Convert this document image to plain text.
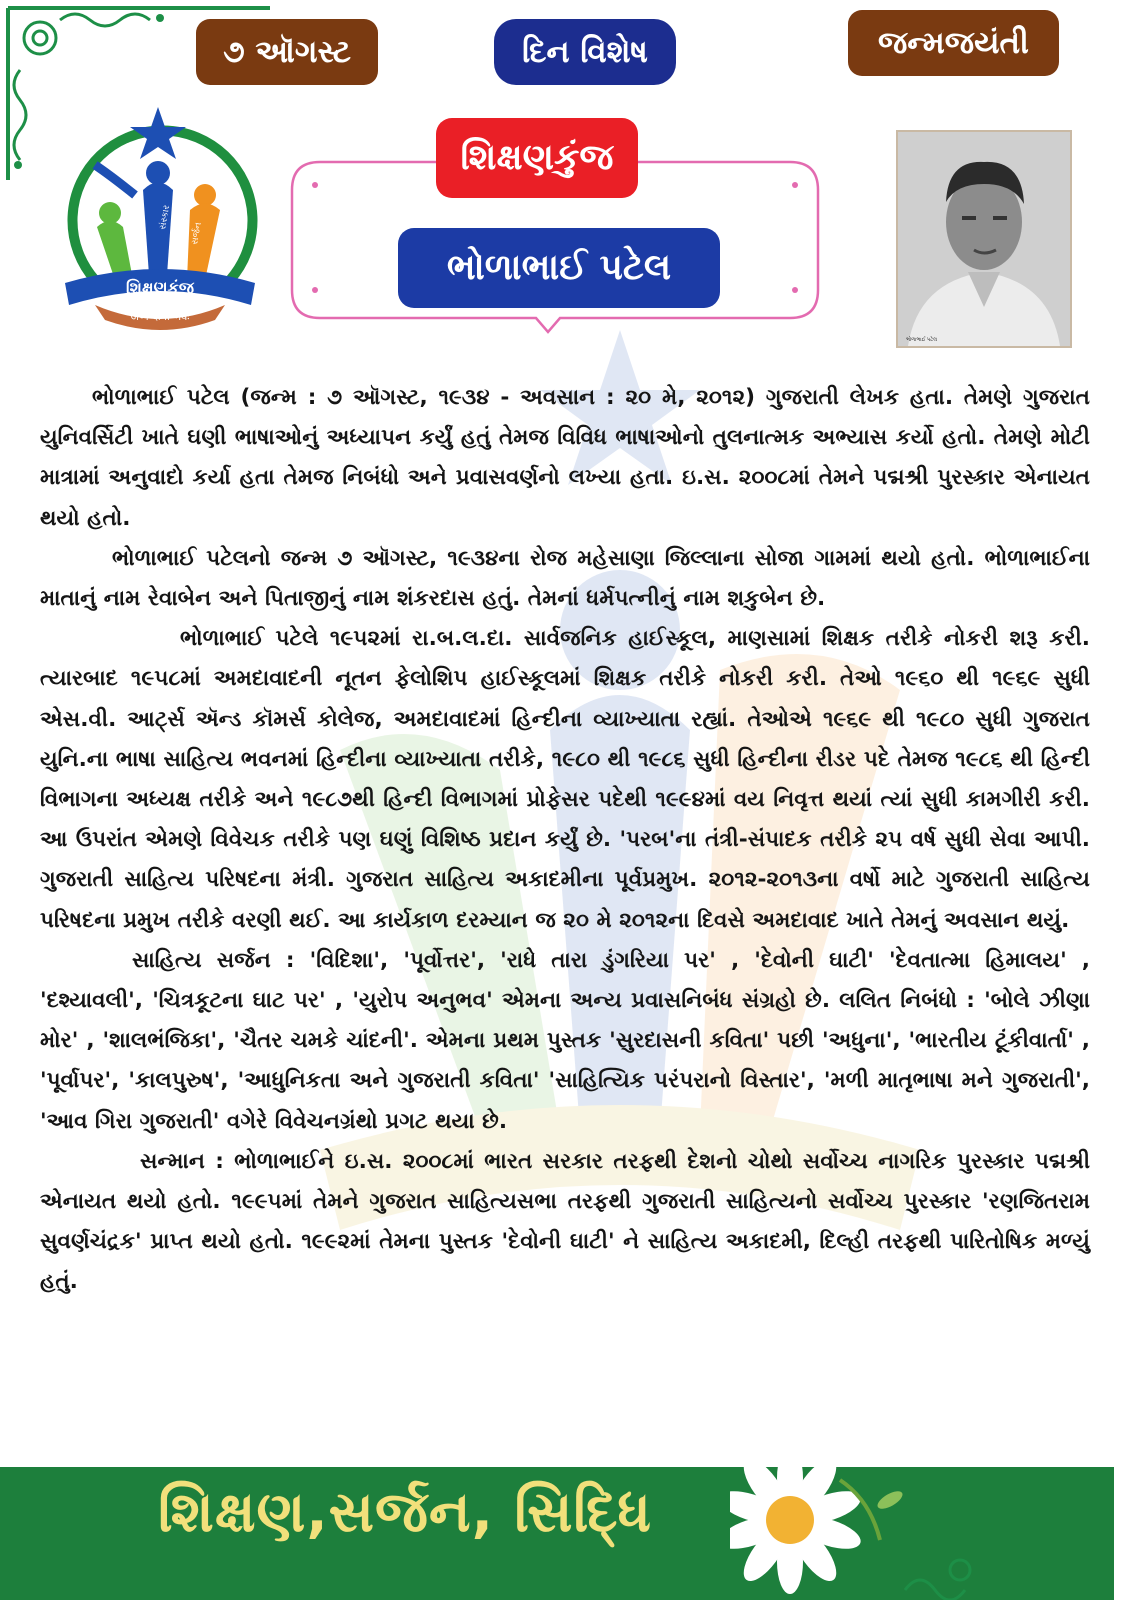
૭ ઑગસ્ટ	દિન વિશેષ	જન્મજયંતી
શિક્ષણ
સંસ્કાર
સર્જન
શિક્ષણકુંજ
अप्प दीपो भवः
શિક્ષણકુંજ
ભોળાભાઈ પટેલ
ભોળાભાઈ પટેલ

ભોળાભાઈ પટેલ (જન્મ : ૭ ઑગસ્ટ, ૧૯૩૪ - અવસાન : ૨૦ મે, ૨૦૧૨) ગુજરાતી લેખક હતા. તેમણે ગુજરાત યુનિવર્સિટી ખાતે ઘણી ભાષાઓનું અધ્યાપન કર્યું હતું તેમજ વિવિધ ભાષાઓનો તુલનાત્મક અભ્યાસ કર્યો હતો. તેમણે મોટી માત્રામાં અનુવાદો કર્યા હતા તેમજ નિબંધો અને પ્રવાસવર્ણનો લખ્યા હતા. ઇ.સ. ૨૦૦૮માં તેમને પદ્મશ્રી પુરસ્કાર એનાયત થયો હતો.

ભોળાભાઈ પટેલનો જન્મ ૭ ઑગસ્ટ, ૧૯૩૪ના રોજ મહેસાણા જિલ્લાના સોજા ગામમાં થયો હતો. ભોળાભાઈના માતાનું નામ રેવાબેન અને પિતાજીનું નામ શંકરદાસ હતું. તેમનાં ધર્મપત્નીનું નામ શકુબેન છે.

ભોળાભાઈ પટેલે ૧૯૫૨માં રા.બ.લ.દા. સાર્વજનિક હાઈસ્કૂલ, માણસામાં શિક્ષક તરીકે નોકરી શરૂ કરી. ત્યારબાદ ૧૯૫૮માં અમદાવાદની નૂતન ફેલોશિપ હાઈસ્કૂલમાં શિક્ષક તરીકે નોકરી કરી. તેઓ ૧૯૬૦ થી ૧૯૬૯ સુધી એસ.વી. આર્ટ્સ ઍન્ડ કૉમર્સ કોલેજ, અમદાવાદમાં હિન્દીના વ્યાખ્યાતા રહ્યાં. તેઓએ ૧૯૬૯ થી ૧૯૮૦ સુધી ગુજરાત યુનિ.ના ભાષા સાહિત્ય ભવનમાં હિન્દીના વ્યાખ્યાતા તરીકે, ૧૯૮૦ થી ૧૯૮૬ સુધી હિન્દીના રીડર પદે તેમજ ૧૯૮૬ થી હિન્દી વિભાગના અધ્યક્ષ તરીકે અને ૧૯૮૭થી હિન્દી વિભાગમાં પ્રોફેસર પદેથી ૧૯૯૪માં વય નિવૃત્ત થયાં ત્યાં સુધી કામગીરી કરી. આ ઉપરાંત એમણે વિવેચક તરીકે પણ ઘણું વિશિષ્ઠ પ્રદાન કર્યું છે. 'પરબ'ના તંત્રી-સંપાદક તરીકે ૨૫ વર્ષ સુધી સેવા આપી. ગુજરાતી સાહિત્ય પરિષદના મંત્રી. ગુજરાત સાહિત્ય અકાદમીના પૂર્વપ્રમુખ. ૨૦૧૨-૨૦૧૩ના વર્ષો માટે ગુજરાતી સાહિત્ય પરિષદના પ્રમુખ તરીકે વરણી થઈ. આ કાર્યકાળ દરમ્યાન જ ૨૦ મે ૨૦૧૨ના દિવસે અમદાવાદ ખાતે તેમનું અવસાન થયું.

સાહિત્ય સર્જન : 'વિદિશા', 'પૂર્વોત્તર', 'રાધે તારા ડુંગરિયા પર' , 'દેવોની ઘાટી' 'દેવતાત્મા હિમાલય' , 'દશ્યાવલી', 'ચિત્રકૂટના ઘાટ પર' , 'યુરોપ અનુભવ' એમના અન્ય પ્રવાસનિબંધ સંગ્રહો છે. લલિત નિબંધો : 'બોલે ઝીણા મોર' , 'શાલભંજિકા', 'ચૈતર ચમકે ચાંદની'. એમના પ્રથમ પુસ્તક 'સુરદાસની કવિતા' પછી 'અધુના', 'ભારતીય ટૂંકીવાર્તા' , 'પૂર્વાપર', 'કાલપુરુષ', 'આધુનિકતા અને ગુજરાતી કવિતા' 'સાહિત્યિક પરંપરાનો વિસ્તાર', 'મળી માતૃભાષા મને ગુજરાતી', 'આવ ગિરા ગુજરાતી' વગેરે વિવેચનગ્રંથો પ્રગટ થયા છે.

સન્માન : ભોળાભાઈને ઇ.સ. ૨૦૦૮માં ભારત સરકાર તરફથી દેશનો ચોથો સર્વોચ્ચ નાગરિક પુરસ્કાર પદ્મશ્રી એનાયત થયો હતો. ૧૯૯૫માં તેમને ગુજરાત સાહિત્યસભા તરફથી ગુજરાતી સાહિત્યનો સર્વોચ્ચ પુરસ્કાર 'રણજિતરામ સુવર્ણચંદ્રક' પ્રાપ્ત થયો હતો. ૧૯૯૨માં તેમના પુસ્તક 'દેવોની ઘાટી' ને સાહિત્ય અકાદમી, દિલ્હી તરફથી પારિતોષિક મળ્યું હતું.

શિક્ષણ,સર્જન, સિદ્ધિ
